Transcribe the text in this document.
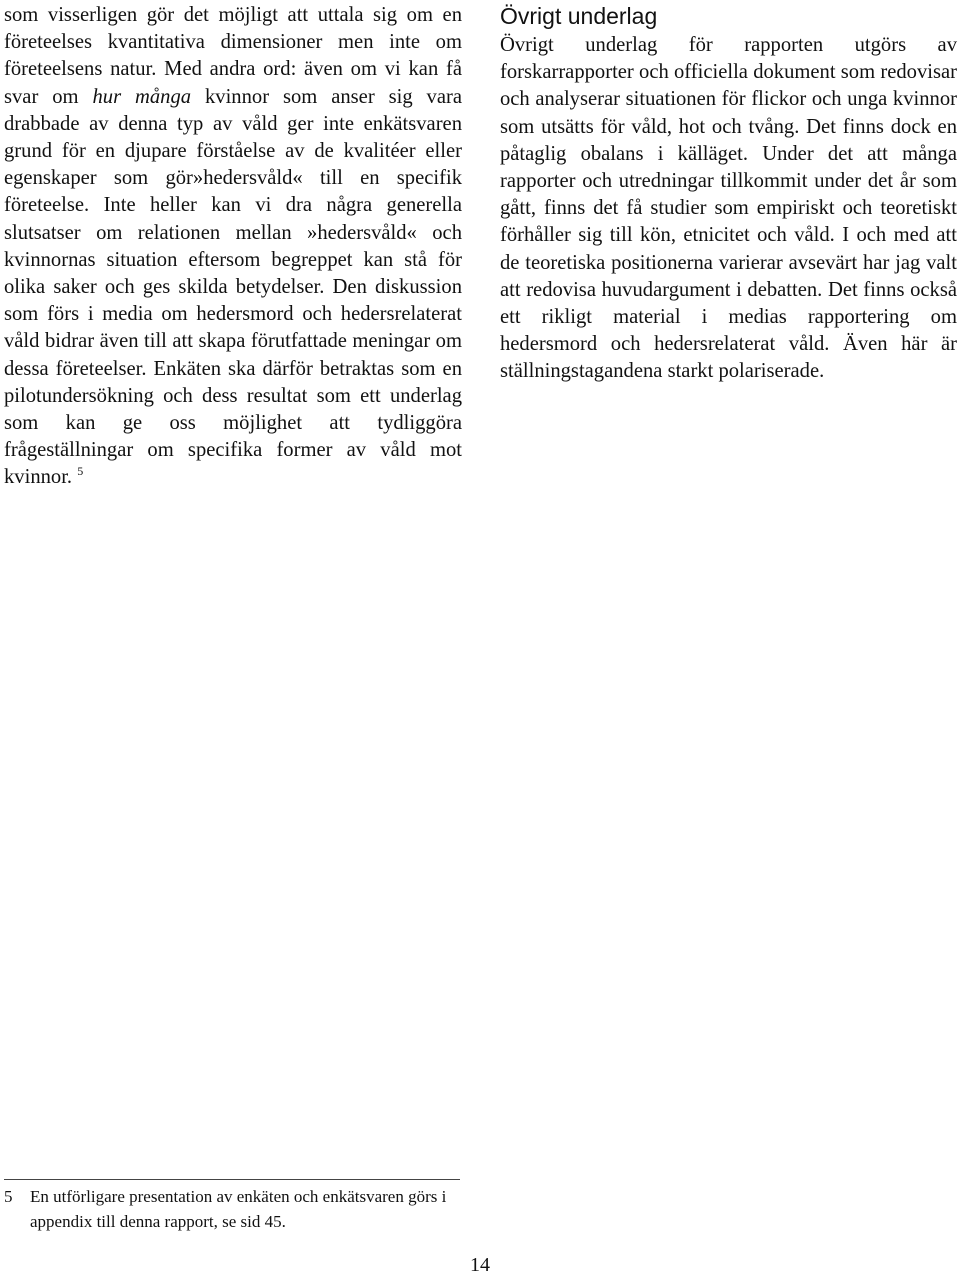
som visserligen gör det möjligt att uttala sig om en företeelses kvantitativa dimensioner men inte om företeelsens natur. Med andra ord: även om vi kan få svar om hur många kvinnor som anser sig vara drabbade av denna typ av våld ger inte enkätsvaren grund för en djupare förståelse av de kvalitéer eller egenskaper som gör»hedersvåld« till en specifik företeelse. Inte heller kan vi dra några generella slutsatser om relationen mellan »hedersvåld« och kvinnornas situation eftersom begreppet kan stå för olika saker och ges skilda betydelser. Den diskussion som förs i media om hedersmord och hedersrelaterat våld bidrar även till att skapa förutfattade meningar om dessa företeelser. Enkäten ska därför betraktas som en pilotundersökning och dess resultat som ett underlag som kan ge oss möjlighet att tydliggöra frågeställningar om specifika former av våld mot kvinnor. $^5$

Övrigt underlag

Övrigt underlag för rapporten utgörs av forskarrapporter och officiella dokument som redovisar och analyserar situationen för flickor och unga kvinnor som utsätts för våld, hot och tvång. Det finns dock en påtaglig obalans i källäget. Under det att många rapporter och utredningar tillkommit under det år som gått, finns det få studier som empiriskt och teoretiskt förhåller sig till kön, etnicitet och våld. I och med att de teoretiska positionerna varierar avsevärt har jag valt att redovisa huvudargument i debatten. Det finns också ett rikligt material i medias rapportering om hedersmord och hedersrelaterat våld. Även här är ställningstagandena starkt polariserade.

5	En utförligare presentation av enkäten och enkätsvaren görs i appendix till denna rapport, se sid 45.
14
